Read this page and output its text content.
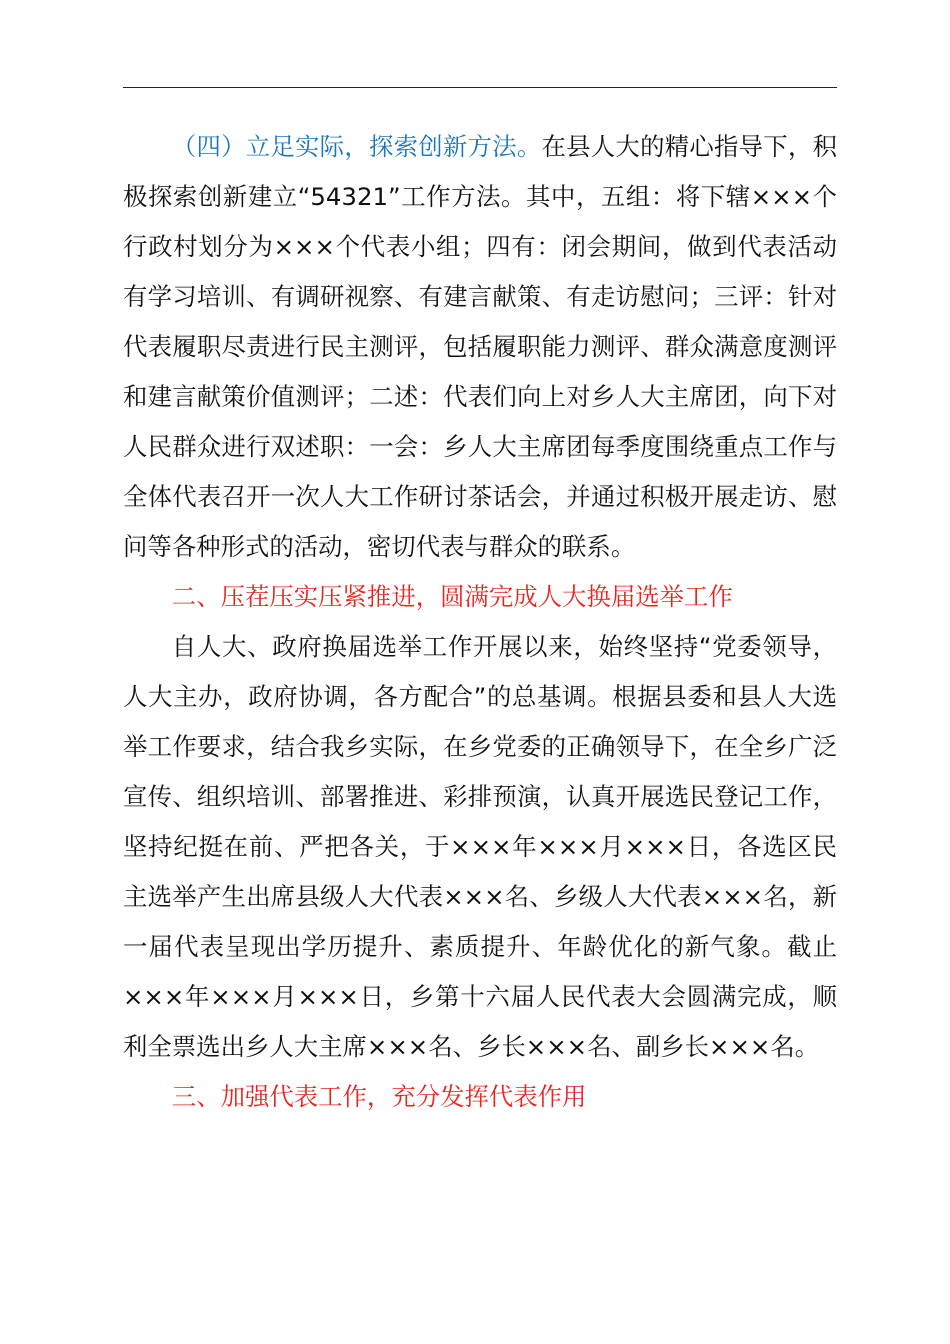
（四）立足实际，探索创新方法。在县人大的精心指导下，积极探索创新建立“54321”工作方法。其中，五组：将下辖×××个行政村划分为×××个代表小组；四有：闭会期间，做到代表活动有学习培训、有调研视察、有建言献策、有走访慰问；三评：针对代表履职尽责进行民主测评，包括履职能力测评、群众满意度测评和建言献策价值测评；二述：代表们向上对乡人大主席团，向下对人民群众进行双述职：一会：乡人大主席团每季度围绕重点工作与全体代表召开一次人大工作研讨茶话会，并通过积极开展走访、慰问等各种形式的活动，密切代表与群众的联系。

二、压茬压实压紧推进，圆满完成人大换届选举工作

自人大、政府换届选举工作开展以来，始终坚持“党委领导，人大主办，政府协调，各方配合”的总基调。根据县委和县人大选举工作要求，结合我乡实际，在乡党委的正确领导下，在全乡广泛宣传、组织培训、部署推进、彩排预演，认真开展选民登记工作，坚持纪挺在前、严把各关，于×××年×××月×××日，各选区民主选举产生出席县级人大代表×××名、乡级人大代表×××名，新一届代表呈现出学历提升、素质提升、年龄优化的新气象。截止×××年×××月×××日，乡第十六届人民代表大会圆满完成，顺利全票选出乡人大主席×××名、乡长×××名、副乡长×××名。

三、加强代表工作，充分发挥代表作用
